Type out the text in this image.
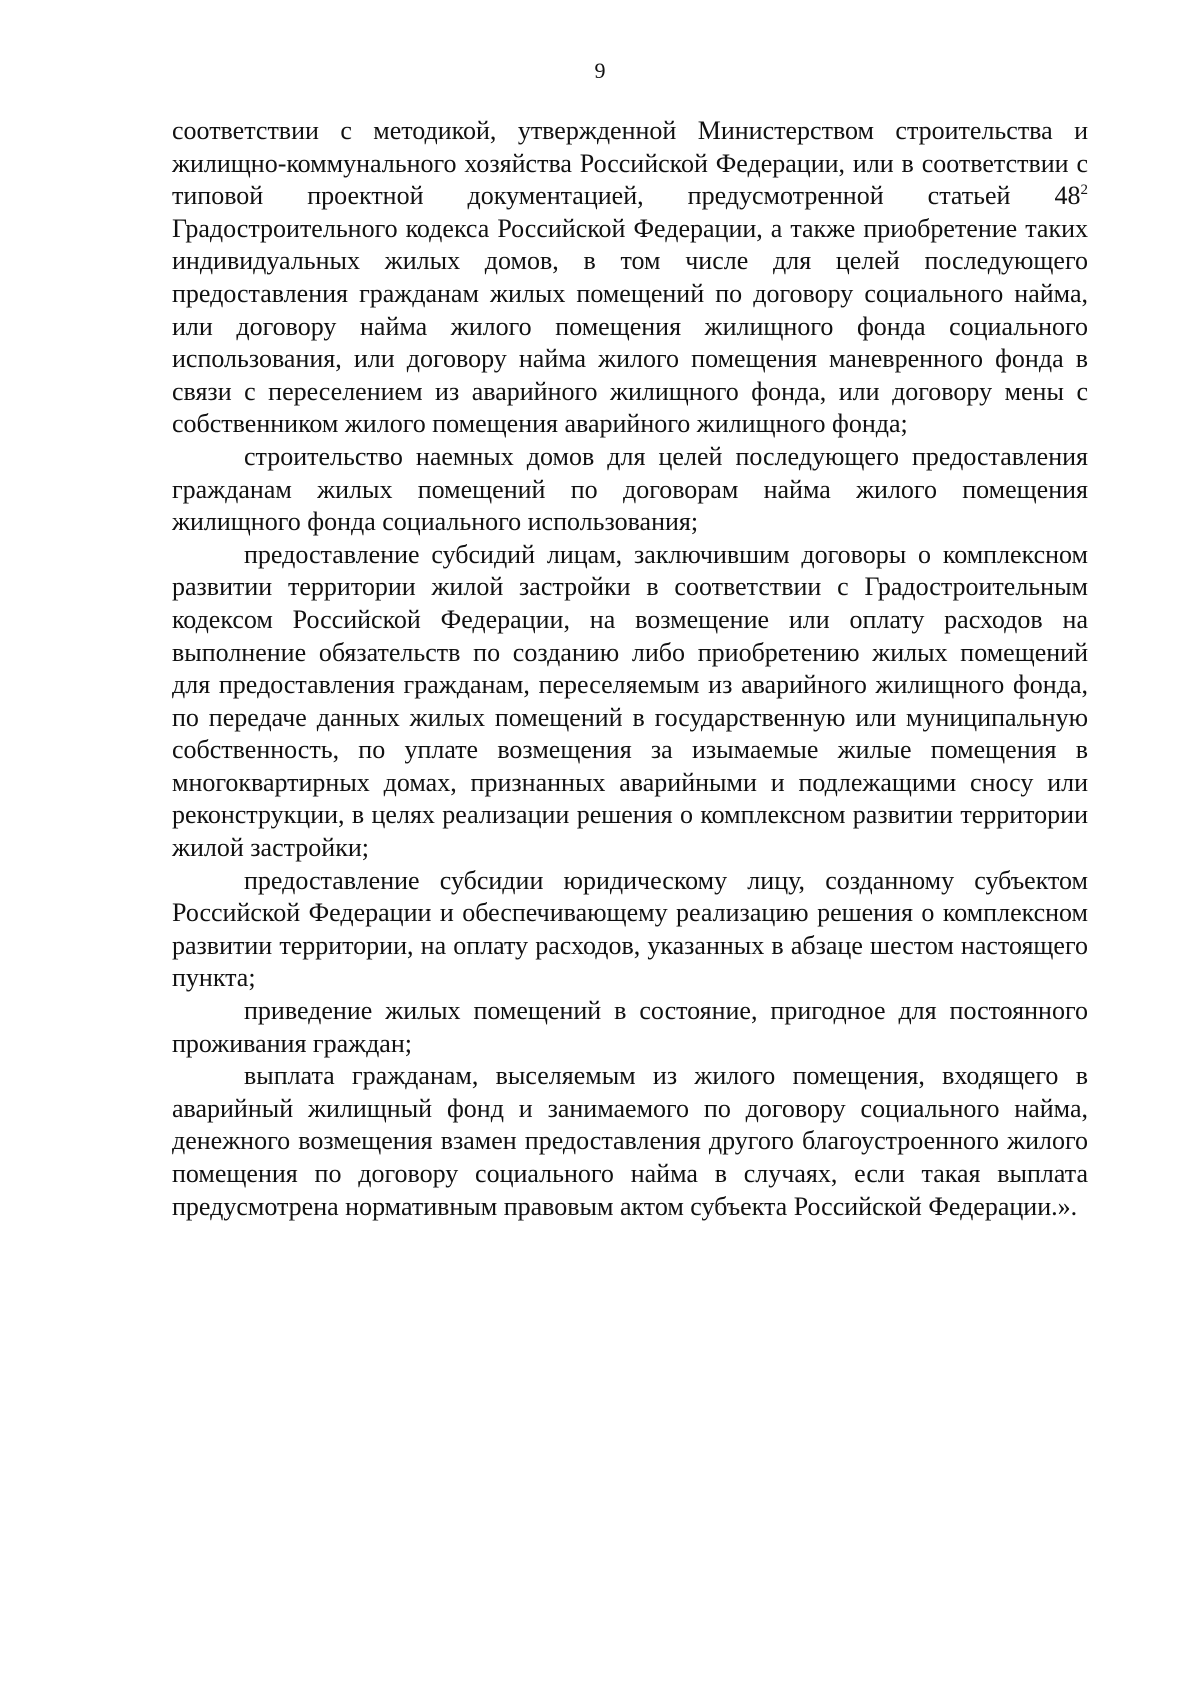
9

соответствии с методикой, утвержденной Министерством строительства и жилищно-коммунального хозяйства Российской Федерации, или в соответствии с типовой проектной документацией, предусмотренной статьей $48^2$ Градостроительного кодекса Российской Федерации, а также приобретение таких индивидуальных жилых домов, в том числе для целей последующего предоставления гражданам жилых помещений по договору социального найма, или договору найма жилого помещения жилищного фонда социального использования, или договору найма жилого помещения маневренного фонда в связи с переселением из аварийного жилищного фонда, или договору мены с собственником жилого помещения аварийного жилищного фонда;

строительство наемных домов для целей последующего предоставления гражданам жилых помещений по договорам найма жилого помещения жилищного фонда социального использования;

предоставление субсидий лицам, заключившим договоры о комплексном развитии территории жилой застройки в соответствии с Градостроительным кодексом Российской Федерации, на возмещение или оплату расходов на выполнение обязательств по созданию либо приобретению жилых помещений для предоставления гражданам, переселяемым из аварийного жилищного фонда, по передаче данных жилых помещений в государственную или муниципальную собственность, по уплате возмещения за изымаемые жилые помещения в многоквартирных домах, признанных аварийными и подлежащими сносу или реконструкции, в целях реализации решения о комплексном развитии территории жилой застройки;

предоставление субсидии юридическому лицу, созданному субъектом Российской Федерации и обеспечивающему реализацию решения о комплексном развитии территории, на оплату расходов, указанных в абзаце шестом настоящего пункта;

приведение жилых помещений в состояние, пригодное для постоянного проживания граждан;

выплата гражданам, выселяемым из жилого помещения, входящего в аварийный жилищный фонд и занимаемого по договору социального найма, денежного возмещения взамен предоставления другого благоустроенного жилого помещения по договору социального найма в случаях, если такая выплата предусмотрена нормативным правовым актом субъекта Российской Федерации.».
